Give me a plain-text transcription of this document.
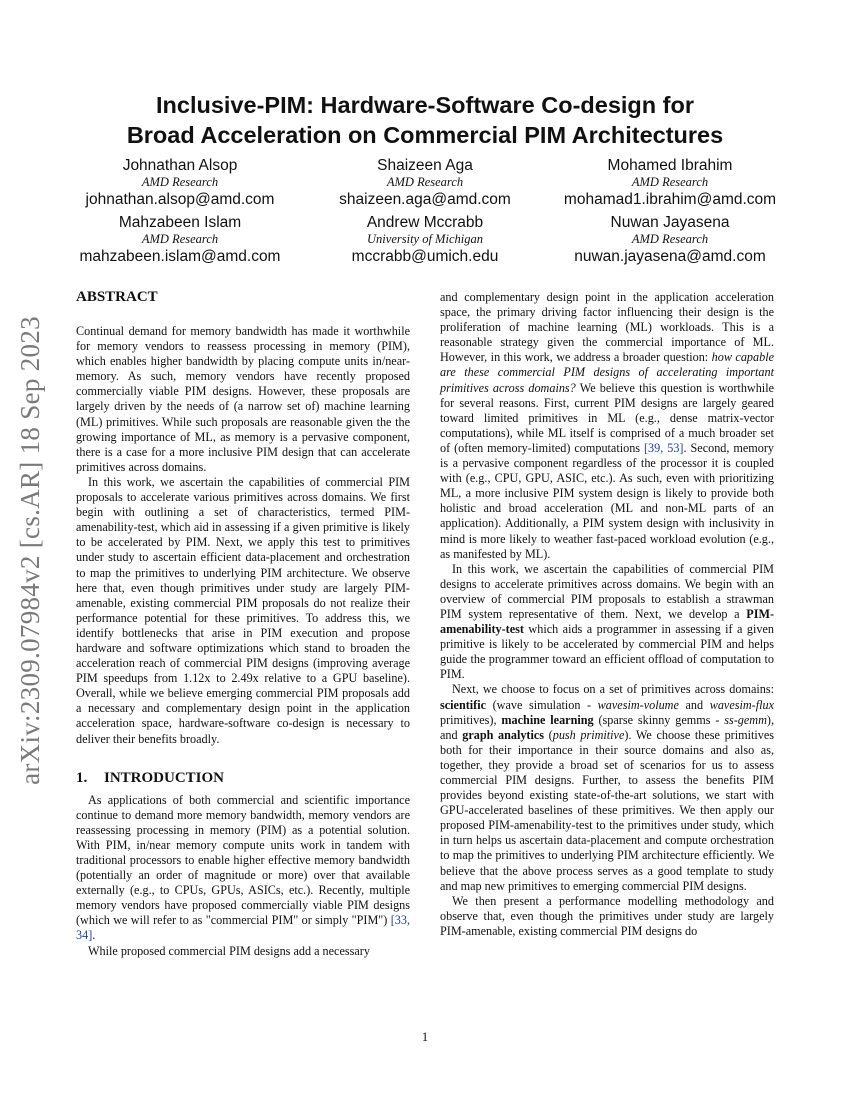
arXiv:2309.07984v2 [cs.AR] 18 Sep 2023
Inclusive-PIM: Hardware-Software Co-design for
Broad Acceleration on Commercial PIM Architectures
Johnathan Alsop
AMD Research
johnathan.alsop@amd.com
Shaizeen Aga
AMD Research
shaizeen.aga@amd.com
Mohamed Ibrahim
AMD Research
mohamad1.ibrahim@amd.com
Mahzabeen Islam
AMD Research
mahzabeen.islam@amd.com
Andrew Mccrabb
University of Michigan
mccrabb@umich.edu
Nuwan Jayasena
AMD Research
nuwan.jayasena@amd.com
ABSTRACT

Continual demand for memory bandwidth has made it worthwhile for memory vendors to reassess processing in memory (PIM), which enables higher bandwidth by placing compute units in/near-memory. As such, memory vendors have recently proposed commercially viable PIM designs. However, these proposals are largely driven by the needs of (a narrow set of) machine learning (ML) primitives. While such proposals are reasonable given the the growing importance of ML, as memory is a pervasive component, there is a case for a more inclusive PIM design that can accelerate primitives across domains.

In this work, we ascertain the capabilities of commercial PIM proposals to accelerate various primitives across domains. We first begin with outlining a set of characteristics, termed PIM-amenability-test, which aid in assessing if a given primitive is likely to be accelerated by PIM. Next, we apply this test to primitives under study to ascertain efficient data-placement and orchestration to map the primitives to underlying PIM architecture. We observe here that, even though primitives under study are largely PIM-amenable, existing commercial PIM proposals do not realize their performance potential for these primitives. To address this, we identify bottlenecks that arise in PIM execution and propose hardware and software optimizations which stand to broaden the acceleration reach of commercial PIM designs (improving average PIM speedups from 1.12x to 2.49x relative to a GPU baseline). Overall, while we believe emerging commercial PIM proposals add a necessary and complementary design point in the application acceleration space, hardware-software co-design is necessary to deliver their benefits broadly.

1.	INTRODUCTION

As applications of both commercial and scientific importance continue to demand more memory bandwidth, memory vendors are reassessing processing in memory (PIM) as a potential solution. With PIM, in/near memory compute units work in tandem with traditional processors to enable higher effective memory bandwidth (potentially an order of magnitude or more) over that available externally (e.g., to CPUs, GPUs, ASICs, etc.). Recently, multiple memory vendors have proposed commercially viable PIM designs (which we will refer to as "commercial PIM" or simply "PIM") [33, 34].

While proposed commercial PIM designs add a necessary

and complementary design point in the application acceleration space, the primary driving factor influencing their design is the proliferation of machine learning (ML) workloads. This is a reasonable strategy given the commercial importance of ML. However, in this work, we address a broader question: how capable are these commercial PIM designs of accelerating important primitives across domains? We believe this question is worthwhile for several reasons. First, current PIM designs are largely geared toward limited primitives in ML (e.g., dense matrix-vector computations), while ML itself is comprised of a much broader set of (often memory-limited) computations [39, 53]. Second, memory is a pervasive component regardless of the processor it is coupled with (e.g., CPU, GPU, ASIC, etc.). As such, even with prioritizing ML, a more inclusive PIM system design is likely to provide both holistic and broad acceleration (ML and non-ML parts of an application). Additionally, a PIM system design with inclusivity in mind is more likely to weather fast-paced workload evolution (e.g., as manifested by ML).

In this work, we ascertain the capabilities of commercial PIM designs to accelerate primitives across domains. We begin with an overview of commercial PIM proposals to establish a strawman PIM system representative of them. Next, we develop a PIM-amenability-test which aids a programmer in assessing if a given primitive is likely to be accelerated by commercial PIM and helps guide the programmer toward an efficient offload of computation to PIM.

Next, we choose to focus on a set of primitives across domains: scientific (wave simulation - wavesim-volume and wavesim-flux primitives), machine learning (sparse skinny gemms - ss-gemm), and graph analytics (push primitive). We choose these primitives both for their importance in their source domains and also as, together, they provide a broad set of scenarios for us to assess commercial PIM designs. Further, to assess the benefits PIM provides beyond existing state-of-the-art solutions, we start with GPU-accelerated baselines of these primitives. We then apply our proposed PIM-amenability-test to the primitives under study, which in turn helps us ascertain data-placement and compute orchestration to map the primitives to underlying PIM architecture efficiently. We believe that the above process serves as a good template to study and map new primitives to emerging commercial PIM designs.

We then present a performance modelling methodology and observe that, even though the primitives under study are largely PIM-amenable, existing commercial PIM designs do

1
